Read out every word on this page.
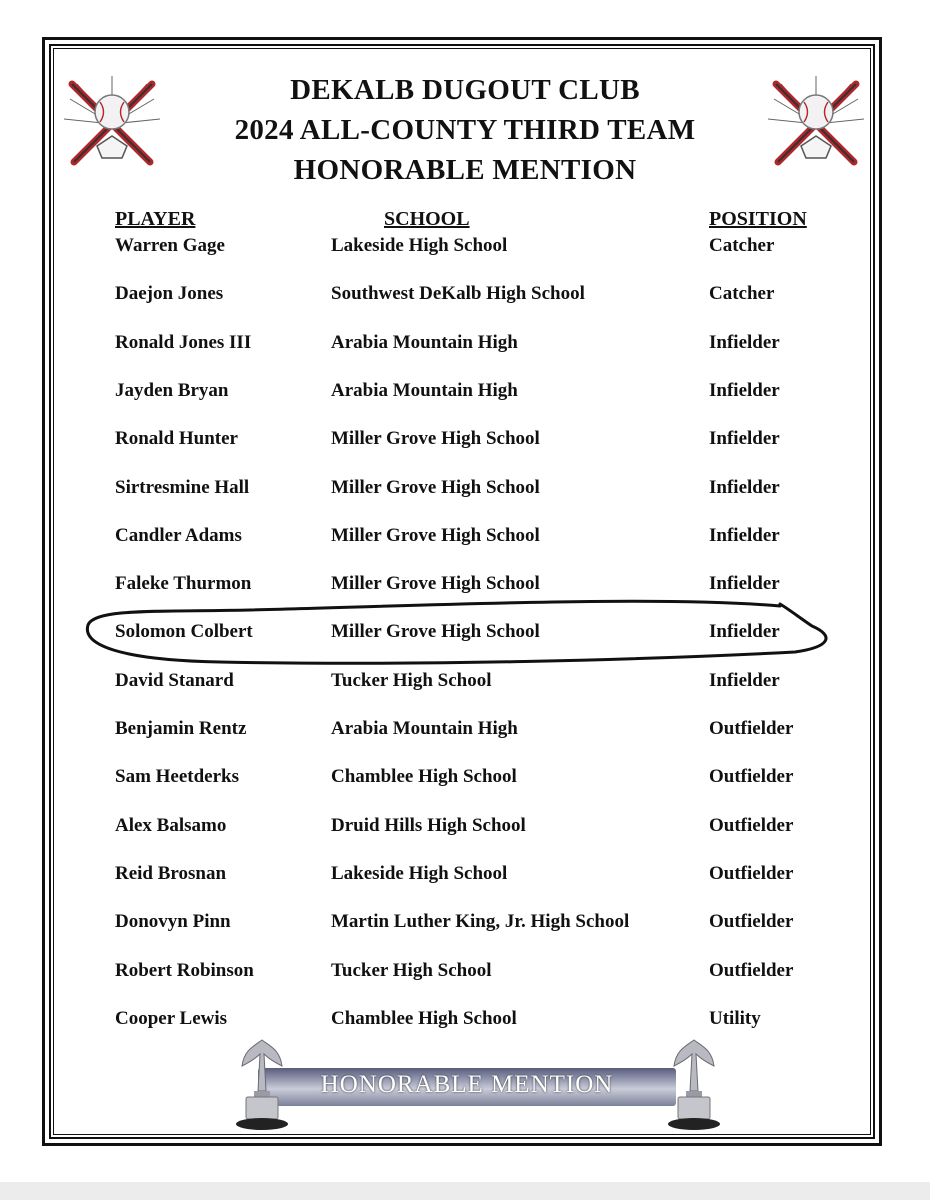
DEKALB DUGOUT CLUB
2024 ALL-COUNTY THIRD TEAM
HONORABLE MENTION
PLAYER	SCHOOL	POSITION
Warren Gage	Lakeside High School	Catcher
Daejon Jones	Southwest DeKalb High School	Catcher
Ronald Jones III	Arabia Mountain High	Infielder
Jayden Bryan	Arabia Mountain High	Infielder
Ronald Hunter	Miller Grove High School	Infielder
Sirtresmine Hall	Miller Grove High School	Infielder
Candler Adams	Miller Grove High School	Infielder
Faleke Thurmon	Miller Grove High School	Infielder
Solomon Colbert	Miller Grove High School	Infielder
David Stanard	Tucker High School	Infielder
Benjamin Rentz	Arabia Mountain High	Outfielder
Sam Heetderks	Chamblee High School	Outfielder
Alex Balsamo	Druid Hills High School	Outfielder
Reid Brosnan	Lakeside High School	Outfielder
Donovyn Pinn	Martin Luther King, Jr. High School	Outfielder
Robert Robinson	Tucker High School	Outfielder
Cooper Lewis	Chamblee High School	Utility
HONORABLE MENTION
